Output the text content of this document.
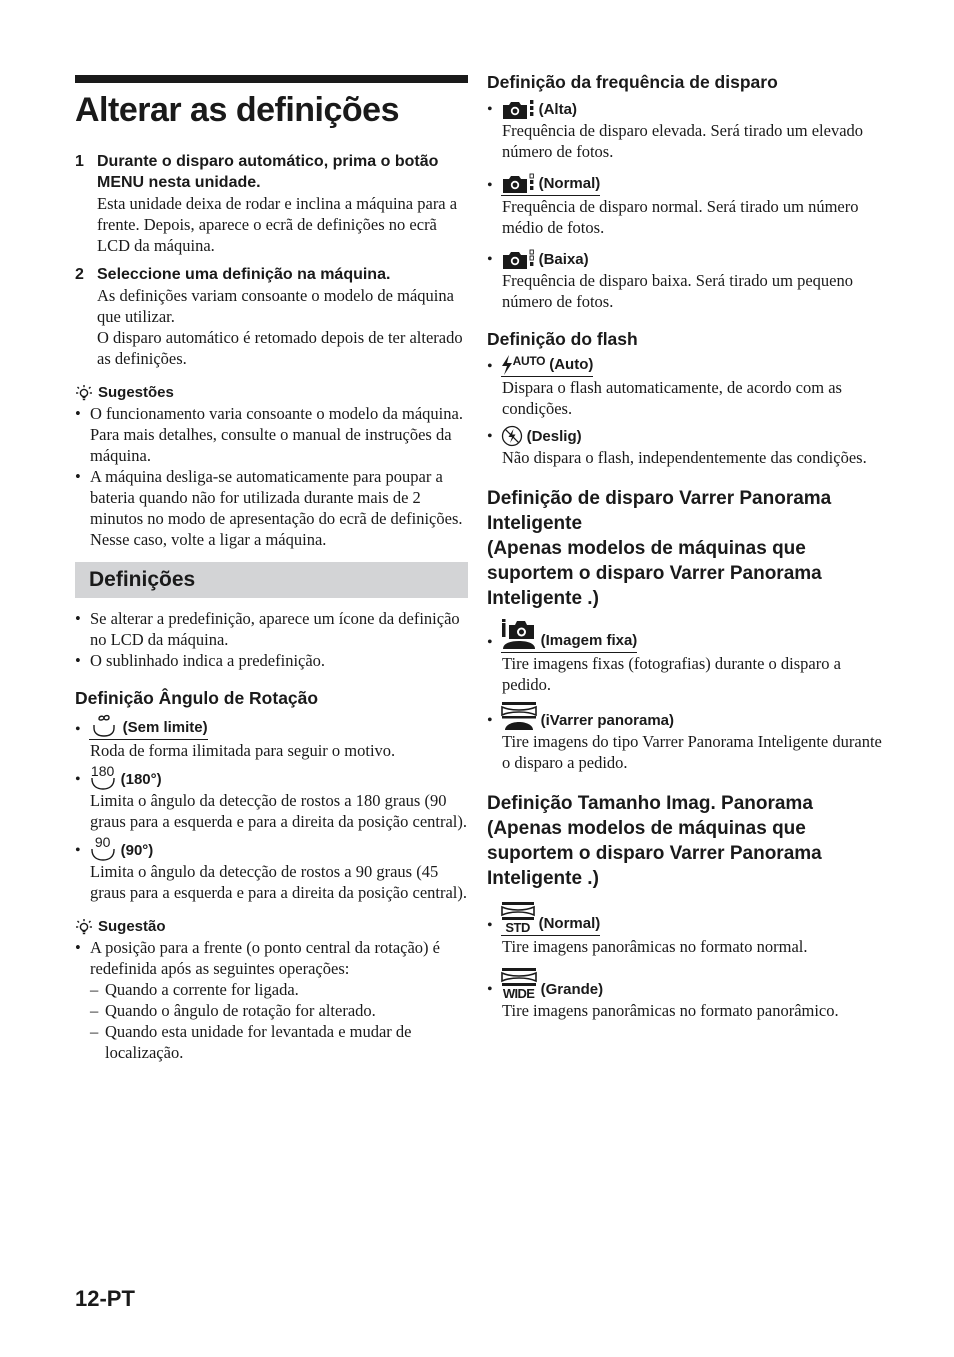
Alterar as definições
1 Durante o disparo automático, prima o botão MENU nesta unidade.
Esta unidade deixa de rodar e inclina a máquina para a frente. Depois, aparece o ecrã de definições no ecrã LCD da máquina.
2 Seleccione uma definição na máquina.
As definições variam consoante o modelo de máquina que utilizar.
O disparo automático é retomado depois de ter alterado as definições.
Sugestões
• O funcionamento varia consoante o modelo da máquina. Para mais detalhes, consulte o manual de instruções da máquina.
• A máquina desliga-se automaticamente para poupar a bateria quando não for utilizada durante mais de 2 minutos no modo de apresentação do ecrã de definições. Nesse caso, volte a ligar a máquina.
Definições
• Se alterar a predefinição, aparece um ícone da definição no LCD da máquina.
• O sublinhado indica a predefinição.
Definição Ângulo de Rotação
•	(Sem limite)
Roda de forma ilimitada para seguir o motivo.
• 180 (180°)
Limita o ângulo da detecção de rostos a 180 graus (90 graus para a esquerda e para a direita da posição central).
• 90 (90°)
Limita o ângulo da detecção de rostos a 90 graus (45 graus para a esquerda e para a direita da posição central).
Sugestão
• A posição para a frente (o ponto central da rotação) é redefinida após as seguintes operações:
– Quando a corrente for ligada.
– Quando o ângulo de rotação for alterado.
– Quando esta unidade for levantada e mudar de localização.
Definição da frequência de disparo
•	(Alta)
Frequência de disparo elevada. Será tirado um elevado número de fotos.
•	(Normal)
Frequência de disparo normal. Será tirado um número médio de fotos.
•	(Baixa)
Frequência de disparo baixa. Será tirado um pequeno número de fotos.
Definição do flash
• AUTO (Auto)
Dispara o flash automaticamente, de acordo com as condições.
• (Deslig)
Não dispara o flash, independentemente das condições.
Definição de disparo Varrer Panorama
Inteligente
(Apenas modelos de máquinas que
suportem o disparo Varrer Panorama
Inteligente .)
•	(Imagem fixa)
Tire imagens fixas (fotografias) durante o disparo a pedido.
•	(iVarrer panorama)
Tire imagens do tipo Varrer Panorama Inteligente durante o disparo a pedido.
Definição Tamanho Imag. Panorama
(Apenas modelos de máquinas que
suportem o disparo Varrer Panorama
Inteligente .)
• STD (Normal)
Tire imagens panorâmicas no formato normal.
• WIDE (Grande)
Tire imagens panorâmicas no formato panorâmico.
12-PT
